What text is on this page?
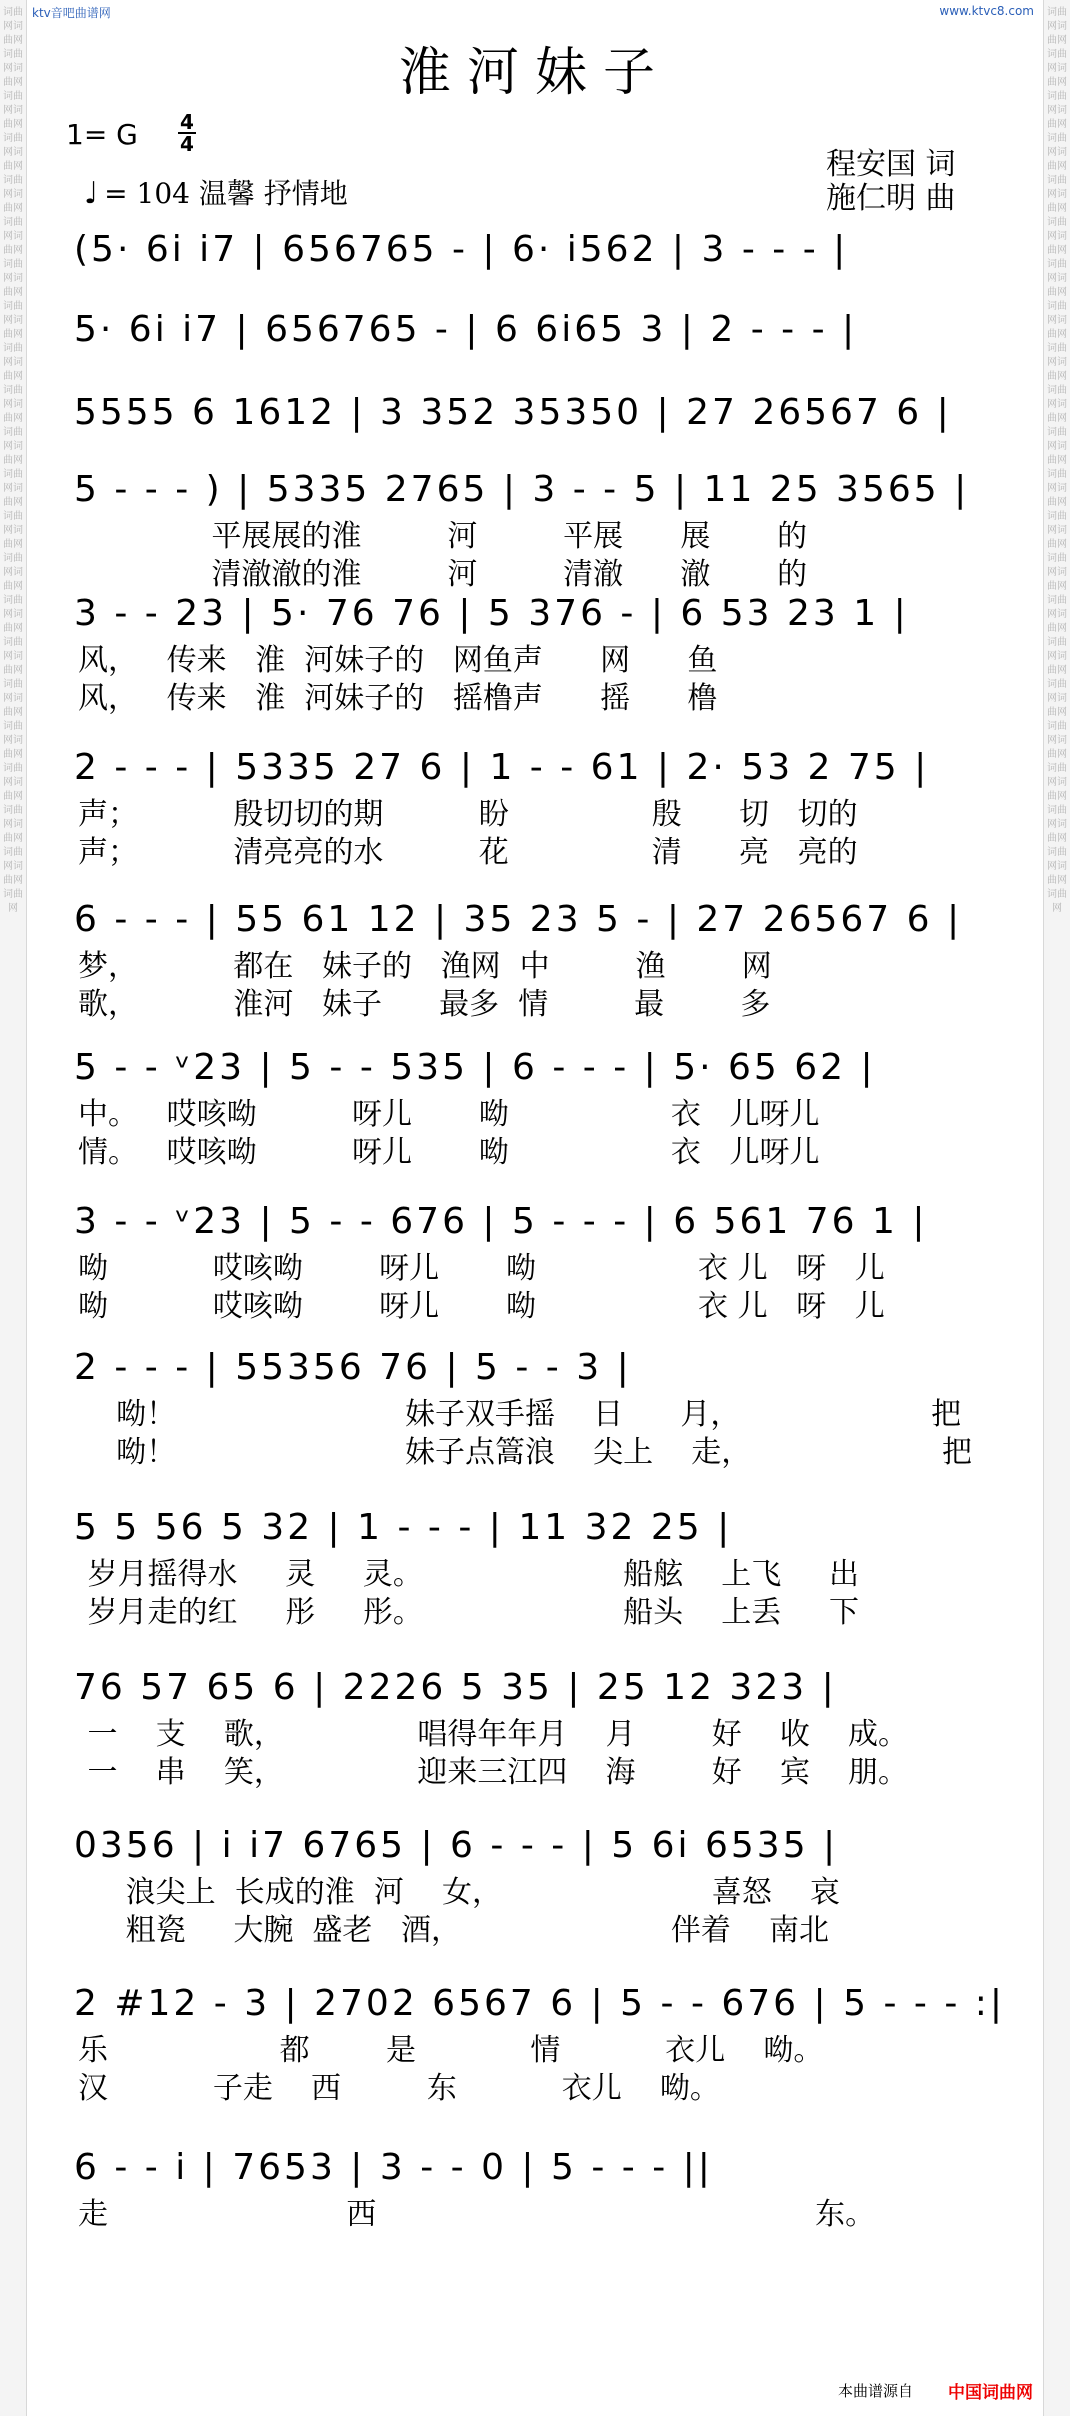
词曲网词曲网词曲网词曲网词曲网词曲网词曲网词曲网词曲网词曲网词曲网词曲网词曲网词曲网词曲网词曲网词曲网词曲网词曲网词曲网词曲网词曲网词曲网词曲网词曲网词曲网词曲网词曲网词曲网词曲网词曲网词曲网词曲网词曲网词曲网词曲网词曲网词曲网词曲网词曲网词曲网词曲网词曲网
词曲网词曲网词曲网词曲网词曲网词曲网词曲网词曲网词曲网词曲网词曲网词曲网词曲网词曲网词曲网词曲网词曲网词曲网词曲网词曲网词曲网词曲网词曲网词曲网词曲网词曲网词曲网词曲网词曲网词曲网词曲网词曲网词曲网词曲网词曲网词曲网词曲网词曲网词曲网词曲网词曲网词曲网词曲网
ktv音吧曲谱网	www.ktvc8.com
淮河妹子
1= G 4
4
♩ = 104 温馨 抒情地
程安国 词
施仁明 曲
(5· 6i i7 | 656765 - | 6· i562 | 3 - - - |
5· 6i i7 | 656765 - | 6 6i65 3 | 2 - - - |
5555 6 1612 | 3 352 35350 | 27 26567 6 |
5 - - - ) | 5335 2765 | 3 - - 5 | 11 25 3565 |
平展展的淮         河         平展      展       的
清澈澈的淮         河         清澈      澈       的
3 - - 23 | 5· 76 76 | 5 376 - | 6 53 23 1 |
风，   传来   淮  河妹子的   网鱼声      网      鱼
风，   传来   淮  河妹子的   摇橹声      摇      橹
2 - - - | 5335 27 6 | 1 - - 61 | 2· 53 2 75 |
声；          殷切切的期          盼               殷      切   切的
声；          清亮亮的水          花               清      亮   亮的
6 - - - | 55 61 12 | 35 23 5 - | 27 26567 6 |
梦，          都在   妹子的   渔网  中         渔        网
歌，          淮河   妹子      最多  情         最        多
5 - - ᵛ23 | 5 - - 535 | 6 - - - | 5· 65 62 |
中。   哎咳呦          呀儿       呦                 衣   儿呀儿
情。   哎咳呦          呀儿       呦                 衣   儿呀儿
3 - - ᵛ23 | 5 - - 676 | 5 - - - | 6 561 76 1 |
呦           哎咳呦        呀儿       呦                 衣 儿   呀   儿
呦           哎咳呦        呀儿       呦                 衣 儿   呀   儿
2 - - - | 55356 76 | 5 - - 3 |
呦！                        妹子双手摇    日      月，                    把
呦！                        妹子点篙浪    尖上    走，                    把
5 5 56 5 32 | 1 - - - | 11 32 25 |
岁月摇得水     灵     灵。                     船舷    上飞     出
岁月走的红     彤     彤。                     船头    上丢     下
76 57 65 6 | 2226 5 35 | 25 12 323 |
一    支    歌，              唱得年年月    月        好    收    成。
一    串    笑，              迎来三江四    海        好    宾    朋。
0356 | i i7 6765 | 6 - - - | 5 6i 6535 |
浪尖上  长成的淮  河    女，                      喜怒    哀
粗瓷     大腕  盛老   酒，                      伴着    南北
2 #12 - 3 | 2702 6567 6 | 5 - - 676 | 5 - - - :|
乐                  都        是            情           衣儿    呦。
汉           子走    西         东           衣儿    呦。
6 - - i | 7653 | 3 - - 0 | 5 - - - ||
走                         西                                              东。
本曲谱源自 中国词曲网
